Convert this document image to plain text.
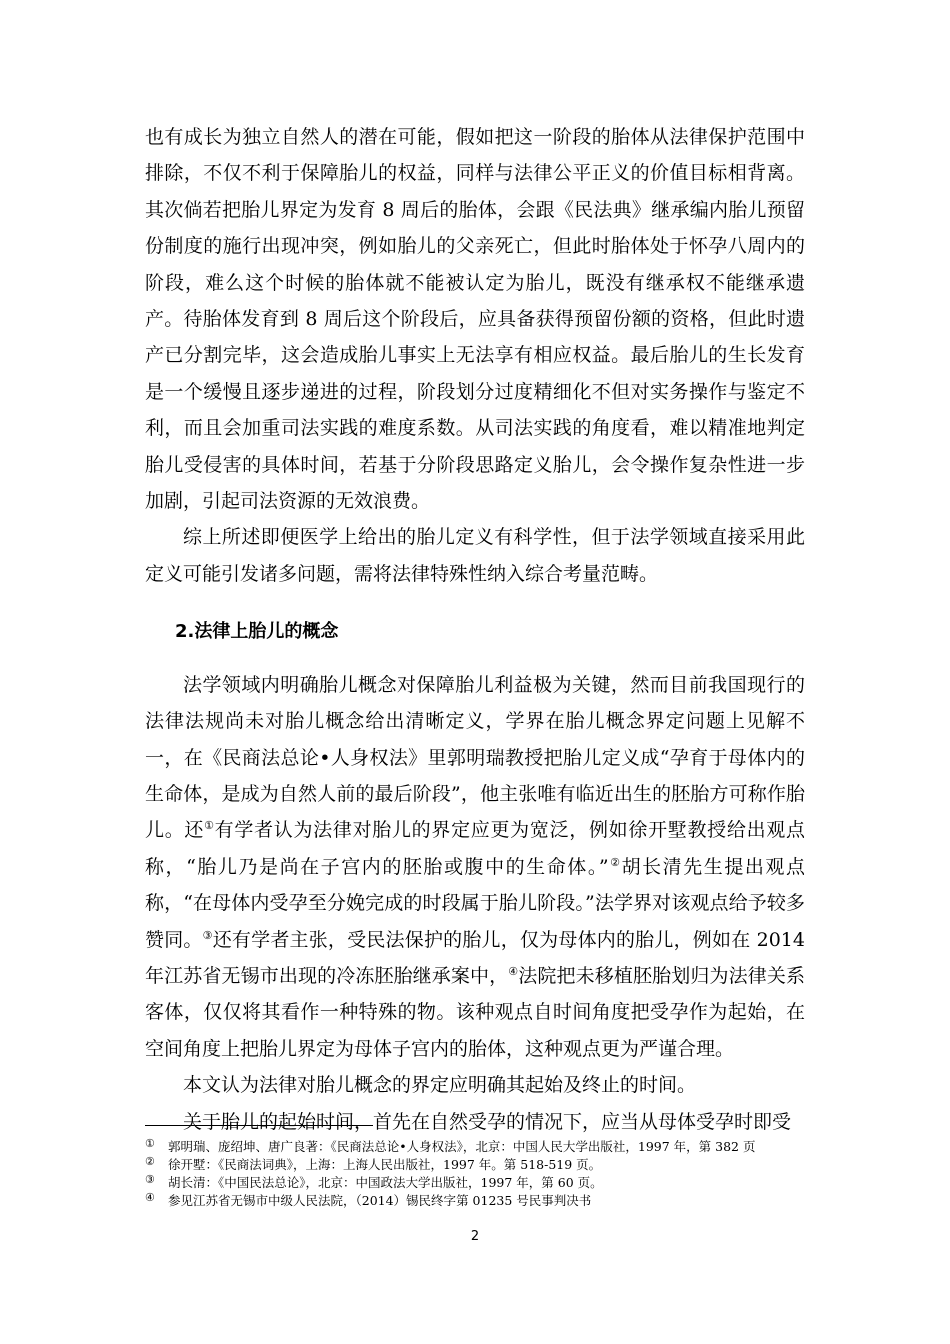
也有成长为独立自然人的潜在可能，假如把这一阶段的胎体从法律保护范围中排除，不仅不利于保障胎儿的权益，同样与法律公平正义的价值目标相背离。其次倘若把胎儿界定为发育 8 周后的胎体，会跟《民法典》继承编内胎儿预留份制度的施行出现冲突，例如胎儿的父亲死亡，但此时胎体处于怀孕八周内的阶段，难么这个时候的胎体就不能被认定为胎儿，既没有继承权不能继承遗产。待胎体发育到 8 周后这个阶段后，应具备获得预留份额的资格，但此时遗产已分割完毕，这会造成胎儿事实上无法享有相应权益。最后胎儿的生长发育是一个缓慢且逐步递进的过程，阶段划分过度精细化不但对实务操作与鉴定不利，而且会加重司法实践的难度系数。从司法实践的角度看，难以精准地判定胎儿受侵害的具体时间，若基于分阶段思路定义胎儿，会令操作复杂性进一步加剧，引起司法资源的无效浪费。

综上所述即便医学上给出的胎儿定义有科学性，但于法学领域直接采用此定义可能引发诸多问题，需将法律特殊性纳入综合考量范畴。

2.法律上胎儿的概念

法学领域内明确胎儿概念对保障胎儿利益极为关键，然而目前我国现行的法律法规尚未对胎儿概念给出清晰定义，学界在胎儿概念界定问题上见解不一，在《民商法总论•人身权法》里郭明瑞教授把胎儿定义成“孕育于母体内的生命体，是成为自然人前的最后阶段”，他主张唯有临近出生的胚胎方可称作胎儿。还①有学者认为法律对胎儿的界定应更为宽泛，例如徐开墅教授给出观点称，“胎儿乃是尚在子宫内的胚胎或腹中的生命体。”②胡长清先生提出观点称，“在母体内受孕至分娩完成的时段属于胎儿阶段。”法学界对该观点给予较多赞同。③还有学者主张，受民法保护的胎儿，仅为母体内的胎儿，例如在 2014 年江苏省无锡市出现的冷冻胚胎继承案中，④法院把未移植胚胎划归为法律关系客体，仅仅将其看作一种特殊的物。该种观点自时间角度把受孕作为起始，在空间角度上把胎儿界定为母体子宫内的胎体，这种观点更为严谨合理。

本文认为法律对胎儿概念的界定应明确其起始及终止的时间。

关于胎儿的起始时间，首先在自然受孕的情况下，应当从母体受孕时即受

① 郭明瑞、庞绍坤、唐广良著：《民商法总论•人身权法》，北京：中国人民大学出版社，1997 年，第 382 页
② 徐开墅：《民商法词典》，上海：上海人民出版社，1997 年。第 518-519 页。
③ 胡长清：《中国民法总论》，北京：中国政法大学出版社，1997 年，第 60 页。
④ 参见江苏省无锡市中级人民法院，（2014）锡民终字第 01235 号民事判决书
2
